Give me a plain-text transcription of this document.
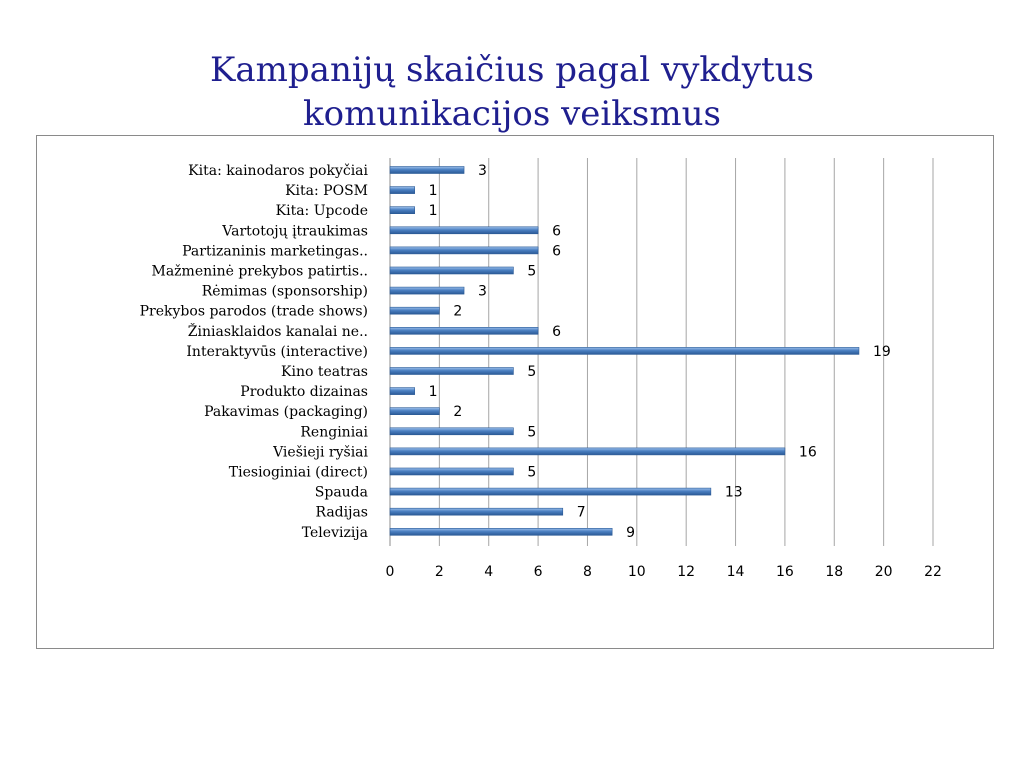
Kampanijų skaičius pagal vykdytus
komunikacijos veiksmus
0	2	4	6	8	10 12 14 16 18 20 22
Kita: kainodaros pokyčiai	3
Kita: POSM	1
Kita: Upcode	1
Vartotojų įtraukimas	6
Partizaninis marketingas..	6
Mažmeninė prekybos patirtis..	5
Rėmimas (sponsorship)	3
Prekybos parodos (trade shows)	2
Žiniasklaidos kanalai ne..	6
Interaktyvūs (interactive)	19
Kino teatras	5
Produkto dizainas	1
Pakavimas (packaging)	2
Renginiai	5
Viešieji ryšiai	16
Tiesioginiai (direct)	5
Spauda	13
Radijas	7
Televizija	9
